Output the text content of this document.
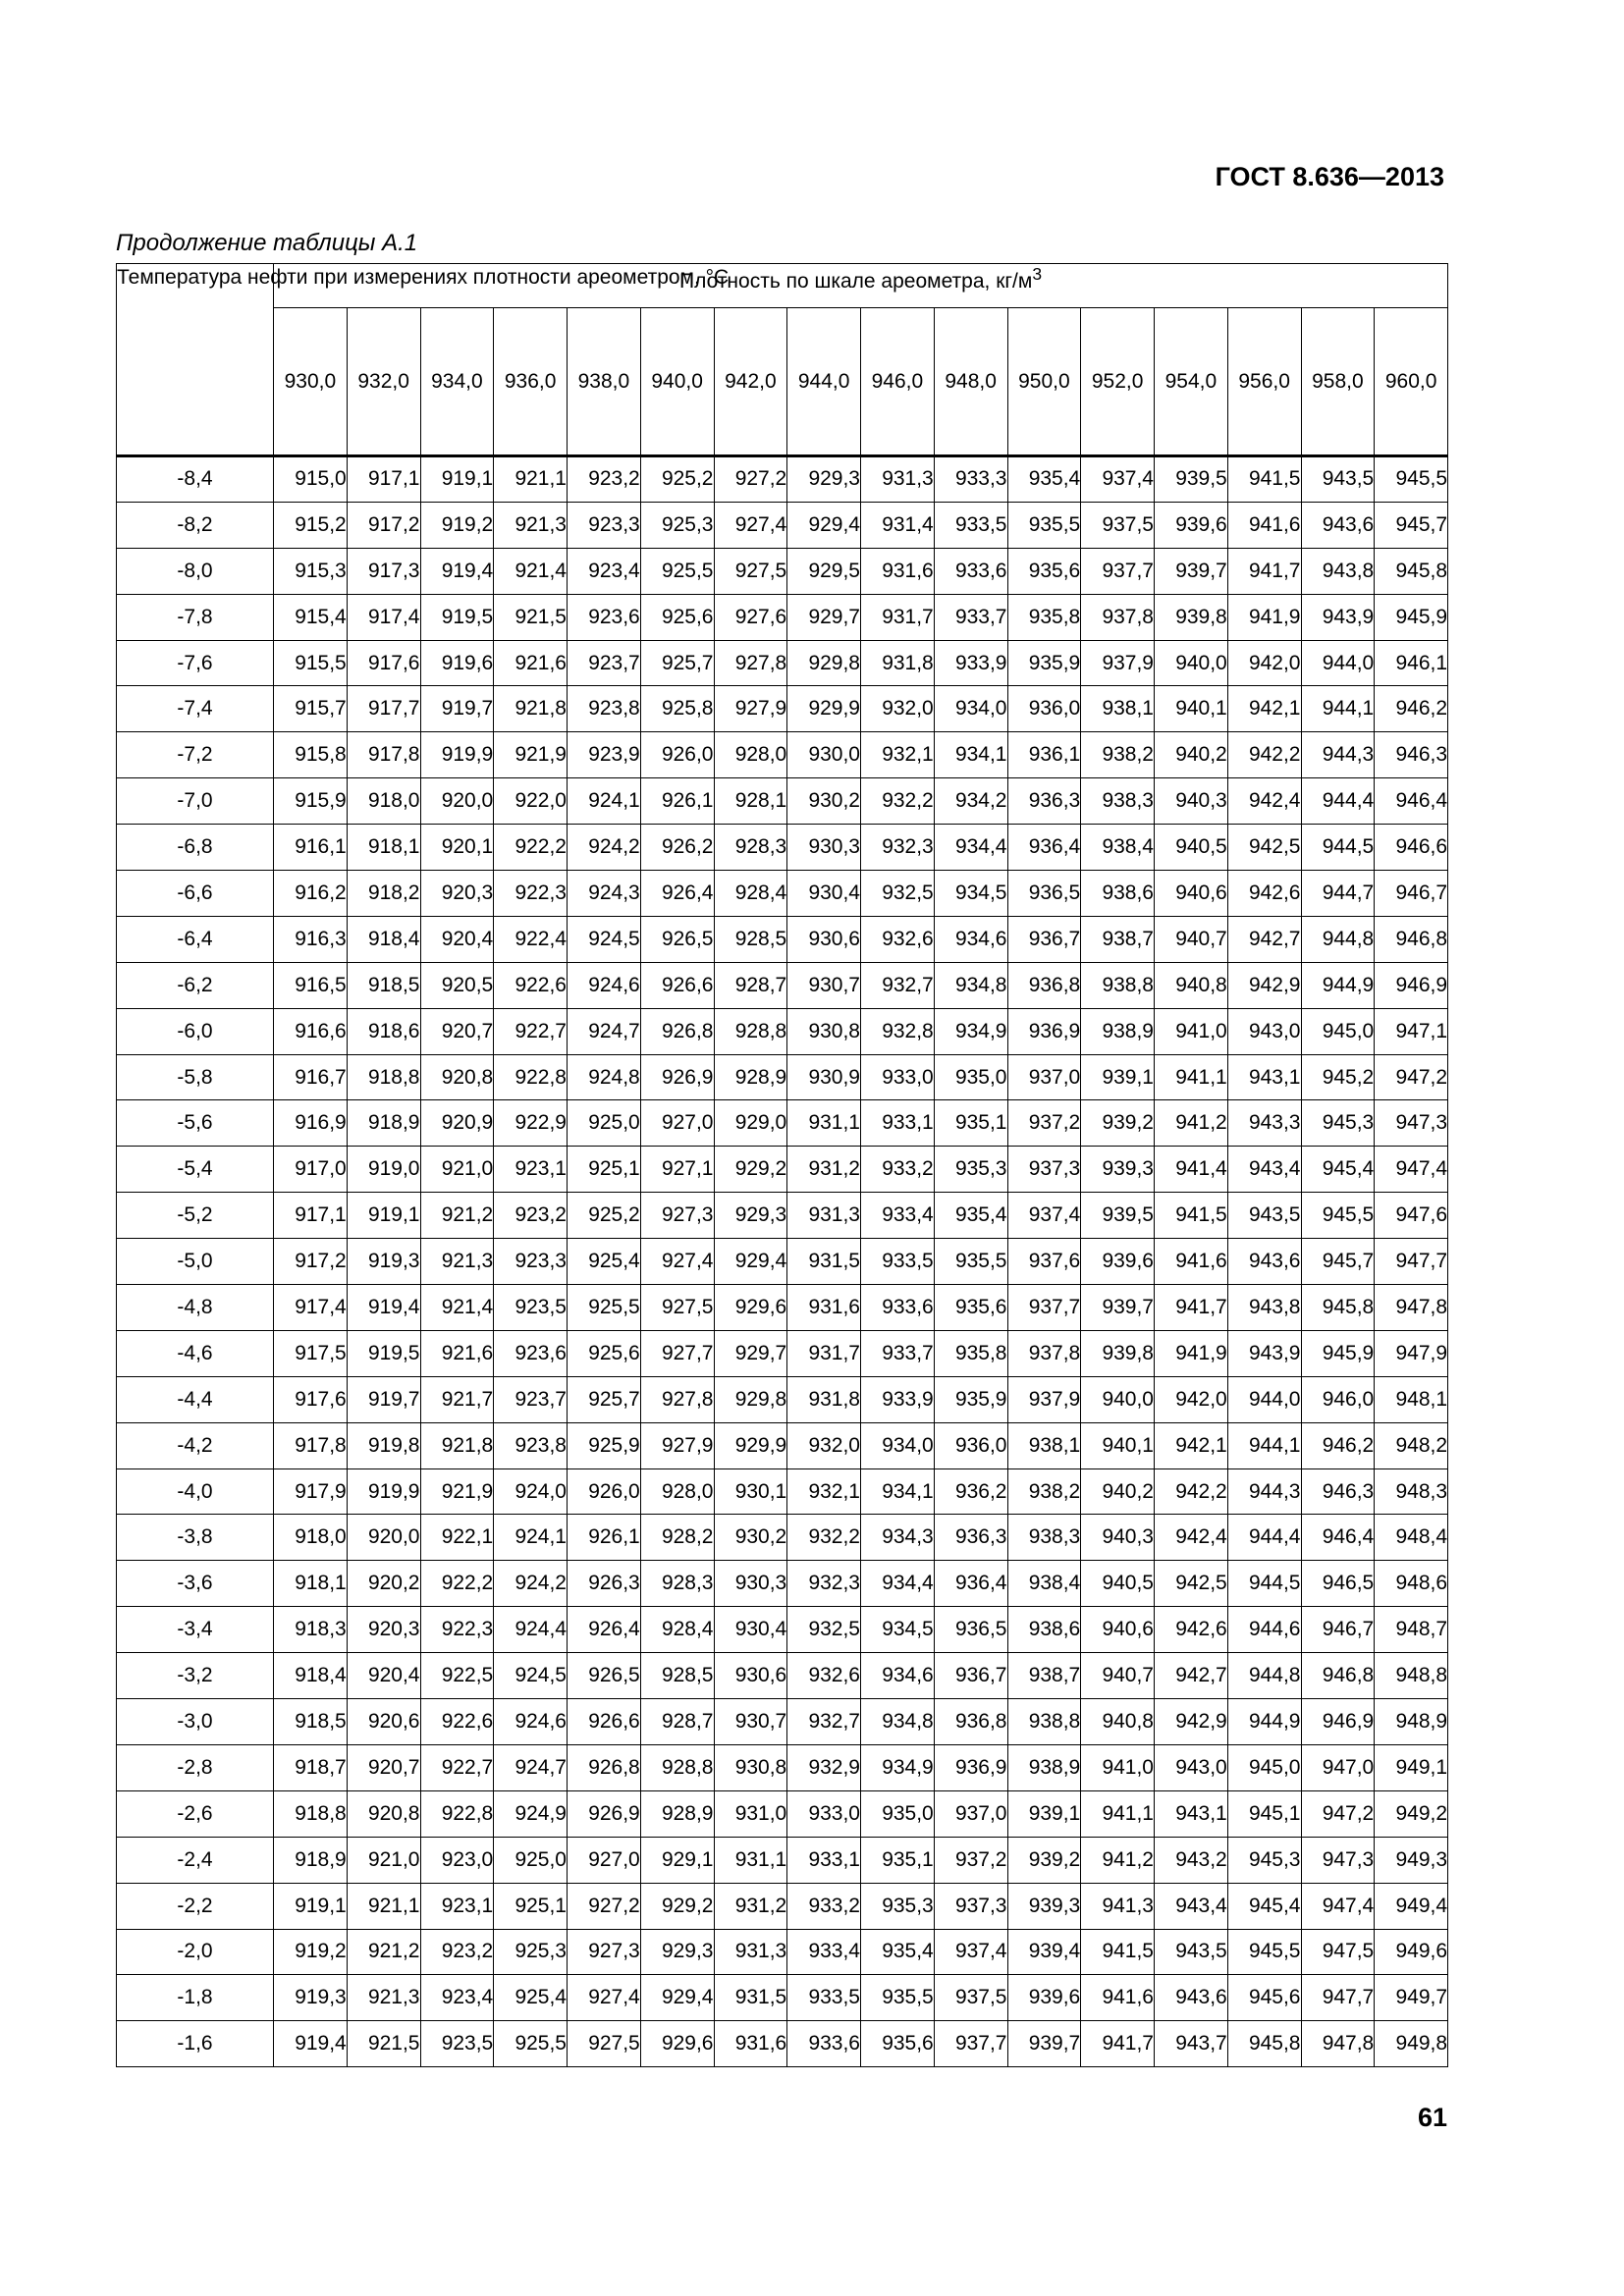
ГОСТ 8.636—2013
Продолжение таблицы А.1
Температура нефти при измерениях плотности ареометром, °С	Плотность по шкале ареометра, $кг/м^3$
	930,0	932,0	934,0	936,0	938,0	940,0	942,0	944,0	946,0	948,0	950,0	952,0	954,0	956,0	958,0	960,0
-8,4	915,0	917,1	919,1	921,1	923,2	925,2	927,2	929,3	931,3	933,3	935,4	937,4	939,5	941,5	943,5	945,5
-8,2	915,2	917,2	919,2	921,3	923,3	925,3	927,4	929,4	931,4	933,5	935,5	937,5	939,6	941,6	943,6	945,7
-8,0	915,3	917,3	919,4	921,4	923,4	925,5	927,5	929,5	931,6	933,6	935,6	937,7	939,7	941,7	943,8	945,8
-7,8	915,4	917,4	919,5	921,5	923,6	925,6	927,6	929,7	931,7	933,7	935,8	937,8	939,8	941,9	943,9	945,9
-7,6	915,5	917,6	919,6	921,6	923,7	925,7	927,8	929,8	931,8	933,9	935,9	937,9	940,0	942,0	944,0	946,1
-7,4	915,7	917,7	919,7	921,8	923,8	925,8	927,9	929,9	932,0	934,0	936,0	938,1	940,1	942,1	944,1	946,2
-7,2	915,8	917,8	919,9	921,9	923,9	926,0	928,0	930,0	932,1	934,1	936,1	938,2	940,2	942,2	944,3	946,3
-7,0	915,9	918,0	920,0	922,0	924,1	926,1	928,1	930,2	932,2	934,2	936,3	938,3	940,3	942,4	944,4	946,4
-6,8	916,1	918,1	920,1	922,2	924,2	926,2	928,3	930,3	932,3	934,4	936,4	938,4	940,5	942,5	944,5	946,6
-6,6	916,2	918,2	920,3	922,3	924,3	926,4	928,4	930,4	932,5	934,5	936,5	938,6	940,6	942,6	944,7	946,7
-6,4	916,3	918,4	920,4	922,4	924,5	926,5	928,5	930,6	932,6	934,6	936,7	938,7	940,7	942,7	944,8	946,8
-6,2	916,5	918,5	920,5	922,6	924,6	926,6	928,7	930,7	932,7	934,8	936,8	938,8	940,8	942,9	944,9	946,9
-6,0	916,6	918,6	920,7	922,7	924,7	926,8	928,8	930,8	932,8	934,9	936,9	938,9	941,0	943,0	945,0	947,1
-5,8	916,7	918,8	920,8	922,8	924,8	926,9	928,9	930,9	933,0	935,0	937,0	939,1	941,1	943,1	945,2	947,2
-5,6	916,9	918,9	920,9	922,9	925,0	927,0	929,0	931,1	933,1	935,1	937,2	939,2	941,2	943,3	945,3	947,3
-5,4	917,0	919,0	921,0	923,1	925,1	927,1	929,2	931,2	933,2	935,3	937,3	939,3	941,4	943,4	945,4	947,4
-5,2	917,1	919,1	921,2	923,2	925,2	927,3	929,3	931,3	933,4	935,4	937,4	939,5	941,5	943,5	945,5	947,6
-5,0	917,2	919,3	921,3	923,3	925,4	927,4	929,4	931,5	933,5	935,5	937,6	939,6	941,6	943,6	945,7	947,7
-4,8	917,4	919,4	921,4	923,5	925,5	927,5	929,6	931,6	933,6	935,6	937,7	939,7	941,7	943,8	945,8	947,8
-4,6	917,5	919,5	921,6	923,6	925,6	927,7	929,7	931,7	933,7	935,8	937,8	939,8	941,9	943,9	945,9	947,9
-4,4	917,6	919,7	921,7	923,7	925,7	927,8	929,8	931,8	933,9	935,9	937,9	940,0	942,0	944,0	946,0	948,1
-4,2	917,8	919,8	921,8	923,8	925,9	927,9	929,9	932,0	934,0	936,0	938,1	940,1	942,1	944,1	946,2	948,2
-4,0	917,9	919,9	921,9	924,0	926,0	928,0	930,1	932,1	934,1	936,2	938,2	940,2	942,2	944,3	946,3	948,3
-3,8	918,0	920,0	922,1	924,1	926,1	928,2	930,2	932,2	934,3	936,3	938,3	940,3	942,4	944,4	946,4	948,4
-3,6	918,1	920,2	922,2	924,2	926,3	928,3	930,3	932,3	934,4	936,4	938,4	940,5	942,5	944,5	946,5	948,6
-3,4	918,3	920,3	922,3	924,4	926,4	928,4	930,4	932,5	934,5	936,5	938,6	940,6	942,6	944,6	946,7	948,7
-3,2	918,4	920,4	922,5	924,5	926,5	928,5	930,6	932,6	934,6	936,7	938,7	940,7	942,7	944,8	946,8	948,8
-3,0	918,5	920,6	922,6	924,6	926,6	928,7	930,7	932,7	934,8	936,8	938,8	940,8	942,9	944,9	946,9	948,9
-2,8	918,7	920,7	922,7	924,7	926,8	928,8	930,8	932,9	934,9	936,9	938,9	941,0	943,0	945,0	947,0	949,1
-2,6	918,8	920,8	922,8	924,9	926,9	928,9	931,0	933,0	935,0	937,0	939,1	941,1	943,1	945,1	947,2	949,2
-2,4	918,9	921,0	923,0	925,0	927,0	929,1	931,1	933,1	935,1	937,2	939,2	941,2	943,2	945,3	947,3	949,3
-2,2	919,1	921,1	923,1	925,1	927,2	929,2	931,2	933,2	935,3	937,3	939,3	941,3	943,4	945,4	947,4	949,4
-2,0	919,2	921,2	923,2	925,3	927,3	929,3	931,3	933,4	935,4	937,4	939,4	941,5	943,5	945,5	947,5	949,6
-1,8	919,3	921,3	923,4	925,4	927,4	929,4	931,5	933,5	935,5	937,5	939,6	941,6	943,6	945,6	947,7	949,7
-1,6	919,4	921,5	923,5	925,5	927,5	929,6	931,6	933,6	935,6	937,7	939,7	941,7	943,7	945,8	947,8	949,8
61
